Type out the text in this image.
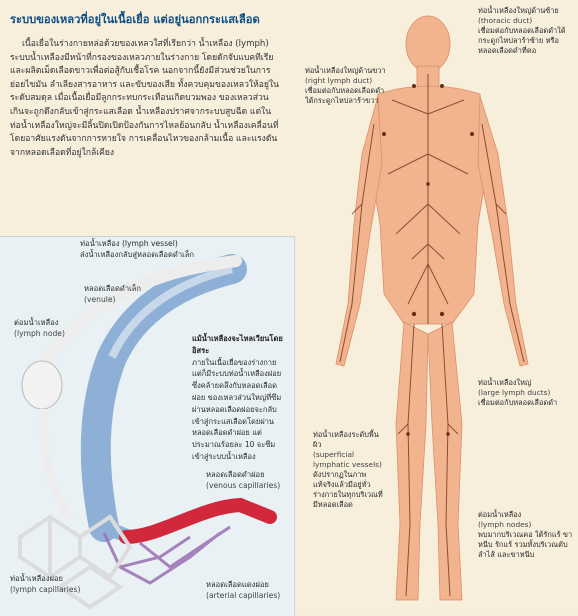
ระบบของเหลวที่อยู่ในเนื้อเยื่อ แต่อยู่นอกกระแสเลือด

เนื้อเยื่อในร่างกายหล่อด้วยของเหลวใสที่เรียกว่า น้ำเหลือง (lymph) ระบบน้ำเหลืองมีหน้าที่กรองของเหลวภายในร่างกาย โดยดักจับแบคทีเรียและผลิตเม็ดเลือดขาวเพื่อต่อสู้กับเชื้อโรค นอกจากนี้ยังมีส่วนช่วยในการย่อยไขมัน ลำเลียงสารอาหาร และขับของเสีย ทั้งควบคุมของเหลวให้อยู่ในระดับสมดุล เมื่อเนื้อเยื่อมีลูกกระทบกระเทือนเกิดบวมพอง ของเหลวส่วนเกินจะถูกดึงกลับเข้าสู่กระแสเลือด น้ำเหลืองปราศจากระบบสูบฉีด แต่ในท่อน้ำเหลืองใหญ่จะมีลิ้นปิดเปิดป้องกันการไหลย้อนกลับ น้ำเหลืองเคลื่อนที่โดยอาศัยแรงดันจากการหายใจ การเคลื่อนไหวของกล้ามเนื้อ และแรงดันจากหลอดเลือดที่อยู่ใกล้เคียง

ท่อน้ำเหลืองใหญ่ด้านขวา
(right lymph duct)
เชื่อมต่อกับหลอดเลือดดำใต้กระดูกไหปลาร้าขวา
ท่อน้ำเหลืองใหญ่ด้านซ้าย
(thoracic duct)
เชื่อมต่อกับหลอดเลือดดำใต้กระดูกไหปลาร้าซ้าย หรือหลอดเลือดดำที่คอ
ท่อน้ำเหลืองใหญ่
(large lymph ducts)
เชื่อมต่อกับหลอดเลือดดำ
ท่อน้ำเหลืองระดับพื้นผิว
(superficial lymphatic vessels)
ดังปรากฏในภาพ แท้จริงแล้วมีอยู่ทั่วร่างกายในทุกบริเวณที่มีหลอดเลือด
ต่อมน้ำเหลือง
(lymph nodes)
พบมากบริเวณคอ ใต้รักแร้ ขาหนีบ รักแร้ รวมทั้งบริเวณตับ ลำไส้ และขาหนีบ
ท่อน้ำเหลือง (lymph vessel)
ส่งน้ำเหลืองกลับสู่หลอดเลือดดำเล็ก
หลอดเลือดดำเล็ก
(venule)
ต่อมน้ำเหลือง
(lymph node)
แม้น้ำเหลืองจะไหลเวียนโดยอิสระ
ภายในเนื้อเยื่อของร่างกาย แต่ก็มีระบบท่อน้ำเหลืองฝอยซึ่งคล้ายคลึงกับหลอดเลือดฝอย ของเหลวส่วนใหญ่ที่ซึมผ่านหลอดเลือดฝอยจะกลับเข้าสู่กระแสเลือดโดยผ่านหลอดเลือดดำฝอย แต่ประมาณร้อยละ 10 จะซึมเข้าสู่ระบบน้ำเหลือง
หลอดเลือดดำฝอย
(venous capillaries)
ท่อน้ำเหลืองฝอย
(lymph capillaries)	หลอดเลือดแดงฝอย
(arterial capillaries)
